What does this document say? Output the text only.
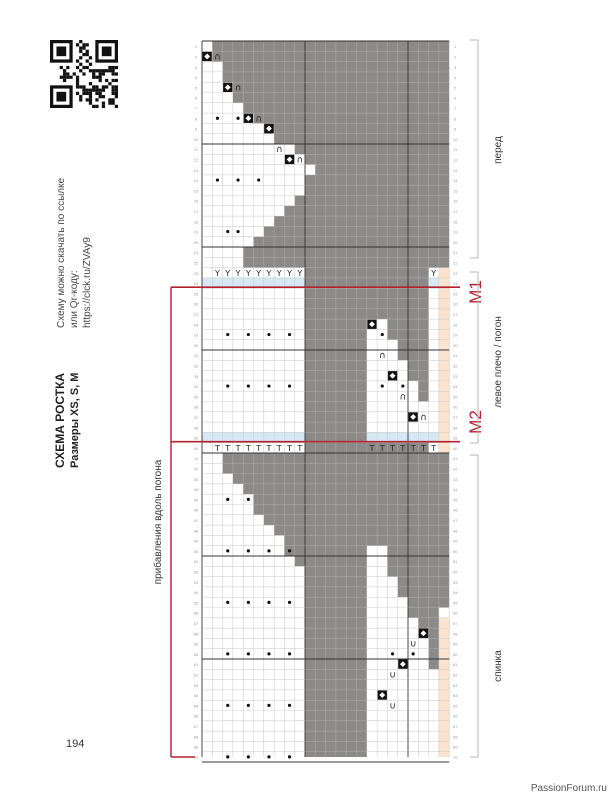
Схему можно скачать по ссылке или Qr-коду: https://clck.ru/ZVAy9
СХЕМА РОСТКА Размеры XS, S, M
прибавления вдоль погона
перед
левое плечо / погон
спинка
M1
M2
194
PassionForum.ru
∩
∩
∩
∩
∩
∩
∩
∩
∪
∪
∪
Y Y Y Y Y Y Y Y Y	Y
T T T T T T T T T	T T T T T T T
1	1
2	2
3	3
4	4
5	5
6	6
7	7
8	8
9	9
10	10
11	11
12	12
13	13
14	14
15	15
16	16
17	17
18	18
19	19
20	20
21	21
22	22
23	23
24	24
25	25
26	26
27	27
28	28
29	29
30	30
31	31
32	32
33	33
34	34
35	35
36	36
37	37
38	38
39	39
40	40
41	41
42	42
43	43
44	44
45	45
46	46
47	47
48	48
49	49
50	50
51	51
52	52
53	53
54	54
55	55
56	56
57	57
58	58
59	59
60	60
61	61
62	62
63	63
64	64
65	65
66	66
67	67
68	68
69	69
70	70
